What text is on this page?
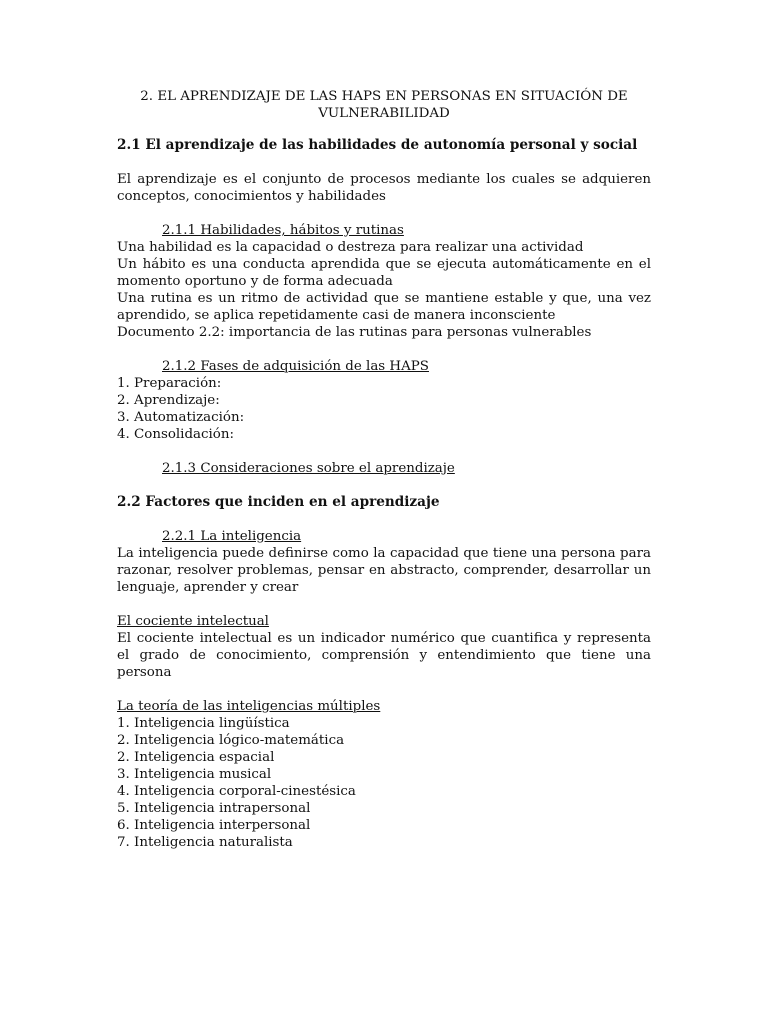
2. EL APRENDIZAJE DE LAS HAPS EN PERSONAS EN SITUACIÓN DE VULNERABILIDAD

2.1 El aprendizaje de las habilidades de autonomía personal y social

El aprendizaje es el conjunto de procesos mediante los cuales se adquieren conceptos, conocimientos y habilidades

2.1.1 Habilidades, hábitos y rutinas

Una habilidad es la capacidad o destreza para realizar una actividad

Un hábito es una conducta aprendida que se ejecuta automáticamente en el momento oportuno y de forma adecuada

Una rutina es un ritmo de actividad que se mantiene estable y que, una vez aprendido, se aplica repetidamente casi de manera inconsciente

Documento 2.2: importancia de las rutinas para personas vulnerables

2.1.2 Fases de adquisición de las HAPS

1. Preparación:
2. Aprendizaje:
3. Automatización:
4. Consolidación:

2.1.3 Consideraciones sobre el aprendizaje

2.2 Factores que inciden en el aprendizaje

2.2.1 La inteligencia

La inteligencia puede definirse como la capacidad que tiene una persona para razonar, resolver problemas, pensar en abstracto, comprender, desarrollar un lenguaje, aprender y crear

El cociente intelectual

El cociente intelectual es un indicador numérico que cuantifica y representa el grado de conocimiento, comprensión y entendimiento que tiene una persona

La teoría de las inteligencias múltiples

1. Inteligencia lingüística
2. Inteligencia lógico-matemática
2. Inteligencia espacial
3. Inteligencia musical
4. Inteligencia corporal-cinestésica
5. Inteligencia intrapersonal
6. Inteligencia interpersonal
7. Inteligencia naturalista
